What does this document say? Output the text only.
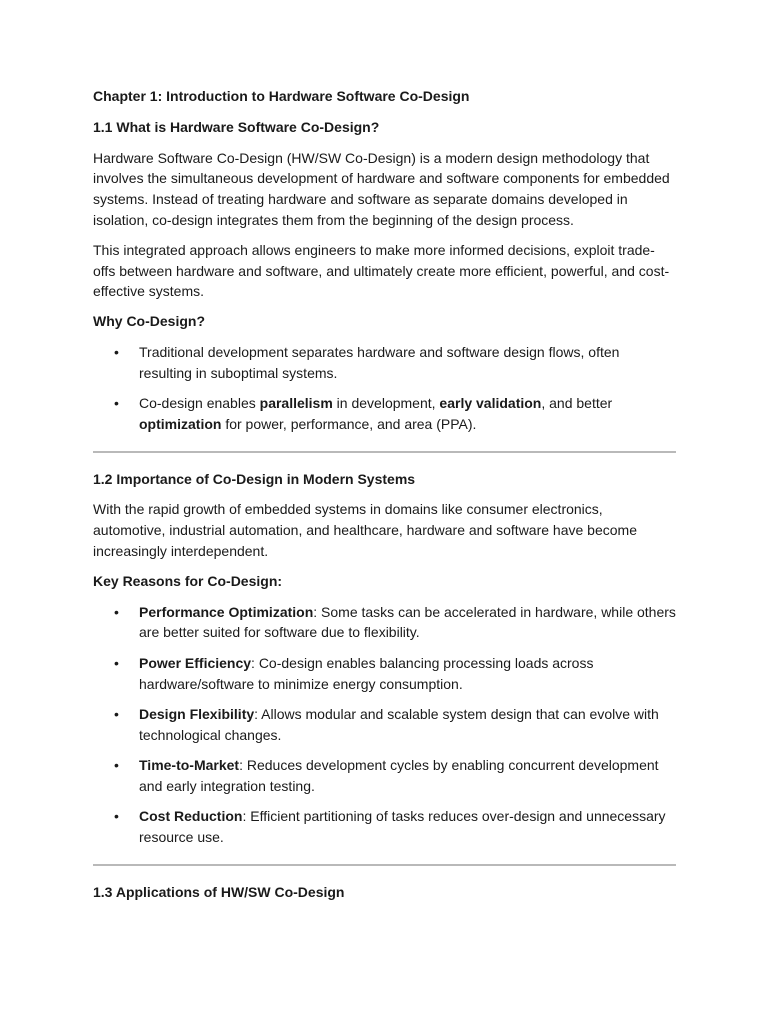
Chapter 1: Introduction to Hardware Software Co-Design

1.1 What is Hardware Software Co-Design?

Hardware Software Co-Design (HW/SW Co-Design) is a modern design methodology that involves the simultaneous development of hardware and software components for embedded systems. Instead of treating hardware and software as separate domains developed in isolation, co-design integrates them from the beginning of the design process.

This integrated approach allows engineers to make more informed decisions, exploit trade-offs between hardware and software, and ultimately create more efficient, powerful, and cost-effective systems.

Why Co-Design?

• Traditional development separates hardware and software design flows, often resulting in suboptimal systems.
• Co-design enables parallelism in development, early validation, and better optimization for power, performance, and area (PPA).

1.2 Importance of Co-Design in Modern Systems

With the rapid growth of embedded systems in domains like consumer electronics, automotive, industrial automation, and healthcare, hardware and software have become increasingly interdependent.

Key Reasons for Co-Design:

• Performance Optimization: Some tasks can be accelerated in hardware, while others are better suited for software due to flexibility.
• Power Efficiency: Co-design enables balancing processing loads across hardware/software to minimize energy consumption.
• Design Flexibility: Allows modular and scalable system design that can evolve with technological changes.
• Time-to-Market: Reduces development cycles by enabling concurrent development and early integration testing.
• Cost Reduction: Efficient partitioning of tasks reduces over-design and unnecessary resource use.

1.3 Applications of HW/SW Co-Design
